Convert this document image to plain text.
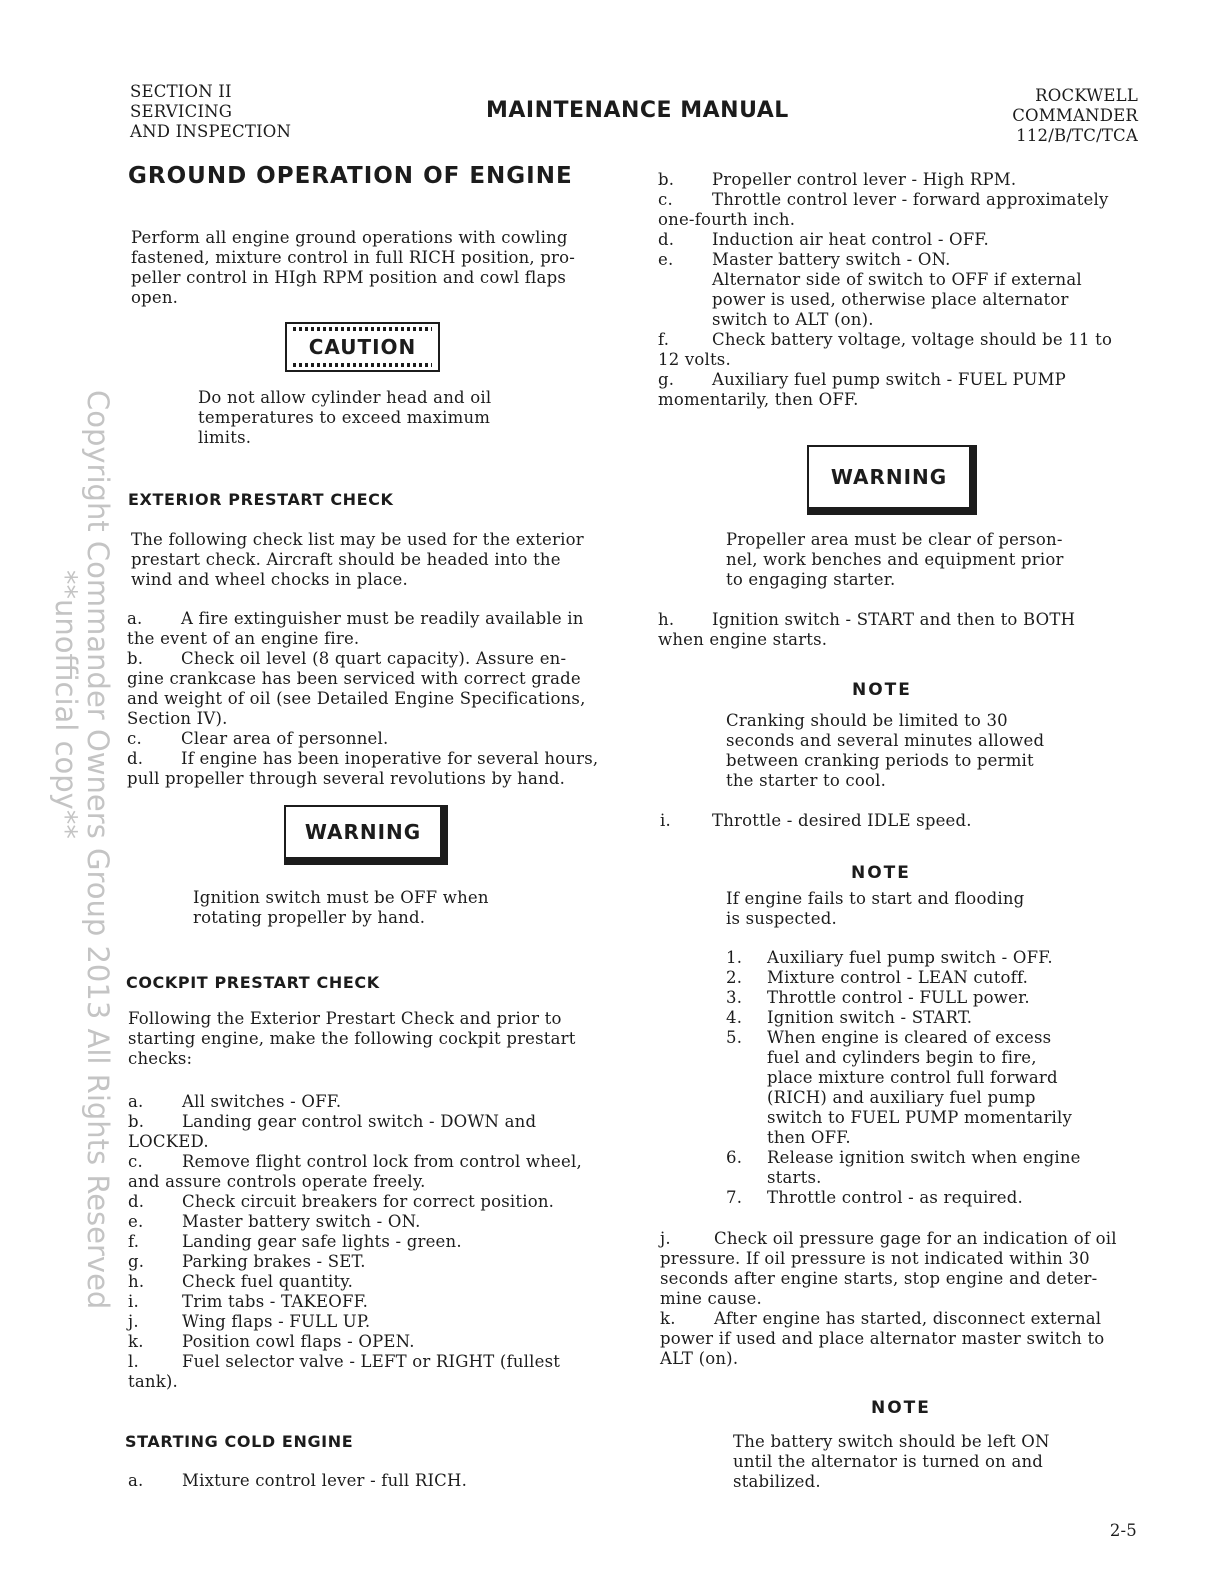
Copyright Commander Owners Group 2013 All Rights Reserved
**unofficial copy**
SECTION II
SERVICING
AND INSPECTION
MAINTENANCE MANUAL
ROCKWELL
COMMANDER
112/B/TC/TCA
GROUND OPERATION OF ENGINE
Perform all engine ground operations with cowling
fastened, mixture control in full RICH position, pro-
peller control in HIgh RPM position and cowl flaps
open.
CAUTION
Do not allow cylinder head and oil
temperatures to exceed maximum
limits.
EXTERIOR PRESTART CHECK
The following check list may be used for the exterior
prestart check. Aircraft should be headed into the
wind and wheel chocks in place.
a. A fire extinguisher must be readily available in
the event of an engine fire.
b. Check oil level (8 quart capacity). Assure en-
gine crankcase has been serviced with correct grade
and weight of oil (see Detailed Engine Specifications,
Section IV).
c. Clear area of personnel.
d. If engine has been inoperative for several hours,
pull propeller through several revolutions by hand.
WARNING
Ignition switch must be OFF when
rotating propeller by hand.
COCKPIT PRESTART CHECK
Following the Exterior Prestart Check and prior to
starting engine, make the following cockpit prestart
checks:
a. All switches - OFF.
b. Landing gear control switch - DOWN and
LOCKED.
c. Remove flight control lock from control wheel,
and assure controls operate freely.
d. Check circuit breakers for correct position.
e. Master battery switch - ON.
f.	Landing gear safe lights - green.
g. Parking brakes - SET.
h. Check fuel quantity.
i.	Trim tabs - TAKEOFF.
j.	Wing flaps - FULL UP.
k. Position cowl flaps - OPEN.
l.	Fuel selector valve - LEFT or RIGHT (fullest
tank).
STARTING COLD ENGINE
a. Mixture control lever - full RICH.
b. Propeller control lever - High RPM.
c. Throttle control lever - forward approximately
one-fourth inch.
d. Induction air heat control - OFF.
e. Master battery switch - ON.
Alternator side of switch to OFF if external
power is used, otherwise place alternator
switch to ALT (on).
f.	Check battery voltage, voltage should be 11 to
12 volts.
g. Auxiliary fuel pump switch - FUEL PUMP
momentarily, then OFF.
WARNING
Propeller area must be clear of person-
nel, work benches and equipment prior
to engaging starter.
h. Ignition switch - START and then to BOTH
when engine starts.
NOTE
Cranking should be limited to 30
seconds and several minutes allowed
between cranking periods to permit
the starter to cool.
i. Throttle - desired IDLE speed.
NOTE
If engine fails to start and flooding
is suspected.
1. Auxiliary fuel pump switch - OFF.
2. Mixture control - LEAN cutoff.
3. Throttle control - FULL power.
4. Ignition switch - START.
5. When engine is cleared of excess
fuel and cylinders begin to fire,
place mixture control full forward
(RICH) and auxiliary fuel pump
switch to FUEL PUMP momentarily
then OFF.
6. Release ignition switch when engine
starts.
7. Throttle control - as required.
j.	Check oil pressure gage for an indication of oil
pressure. If oil pressure is not indicated within 30
seconds after engine starts, stop engine and deter-
mine cause.
k. After engine has started, disconnect external
power if used and place alternator master switch to
ALT (on).
NOTE
The battery switch should be left ON
until the alternator is turned on and
stabilized.
2-5
